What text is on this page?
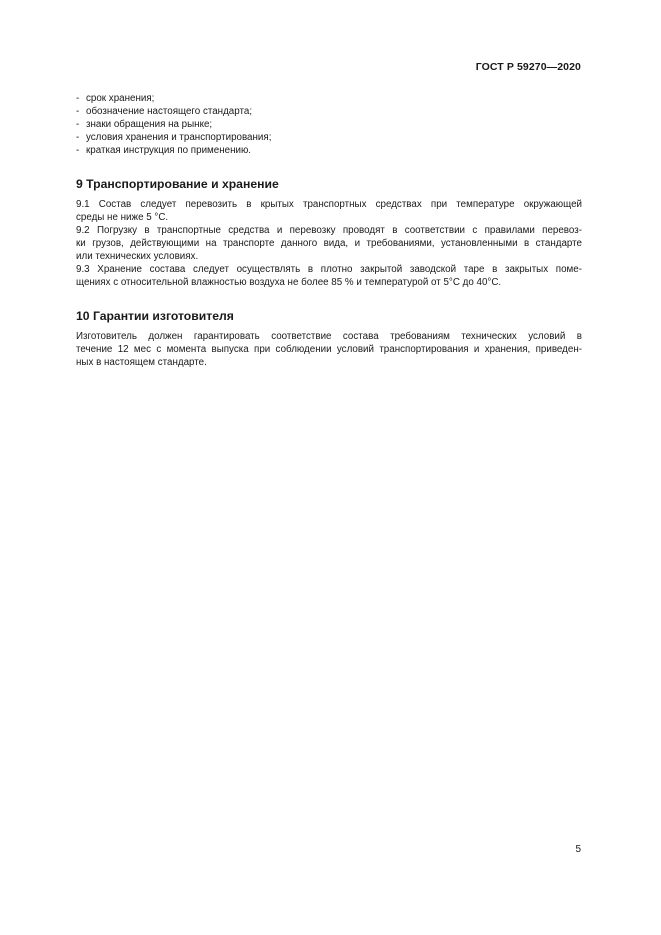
ГОСТ Р 59270—2020
- срок хранения;
- обозначение настоящего стандарта;
- знаки обращения на рынке;
- условия хранения и транспортирования;
- краткая инструкция по применению.
9 Транспортирование и хранение
9.1 Состав следует перевозить в крытых транспортных средствах при температуре окружающей
среды не ниже 5 °С.
9.2 Погрузку в транспортные средства и перевозку проводят в соответствии с правилами перевоз-
ки грузов, действующими на транспорте данного вида, и требованиями, установленными в стандарте
или технических условиях.
9.3 Хранение состава следует осуществлять в плотно закрытой заводской таре в закрытых поме-
щениях с относительной влажностью воздуха не более 85 % и температурой от 5°С до 40°С.
10 Гарантии изготовителя
Изготовитель должен гарантировать соответствие состава требованиям технических условий в
течение 12 мес с момента выпуска при соблюдении условий транспортирования и хранения, приведен-
ных в настоящем стандарте.
5
